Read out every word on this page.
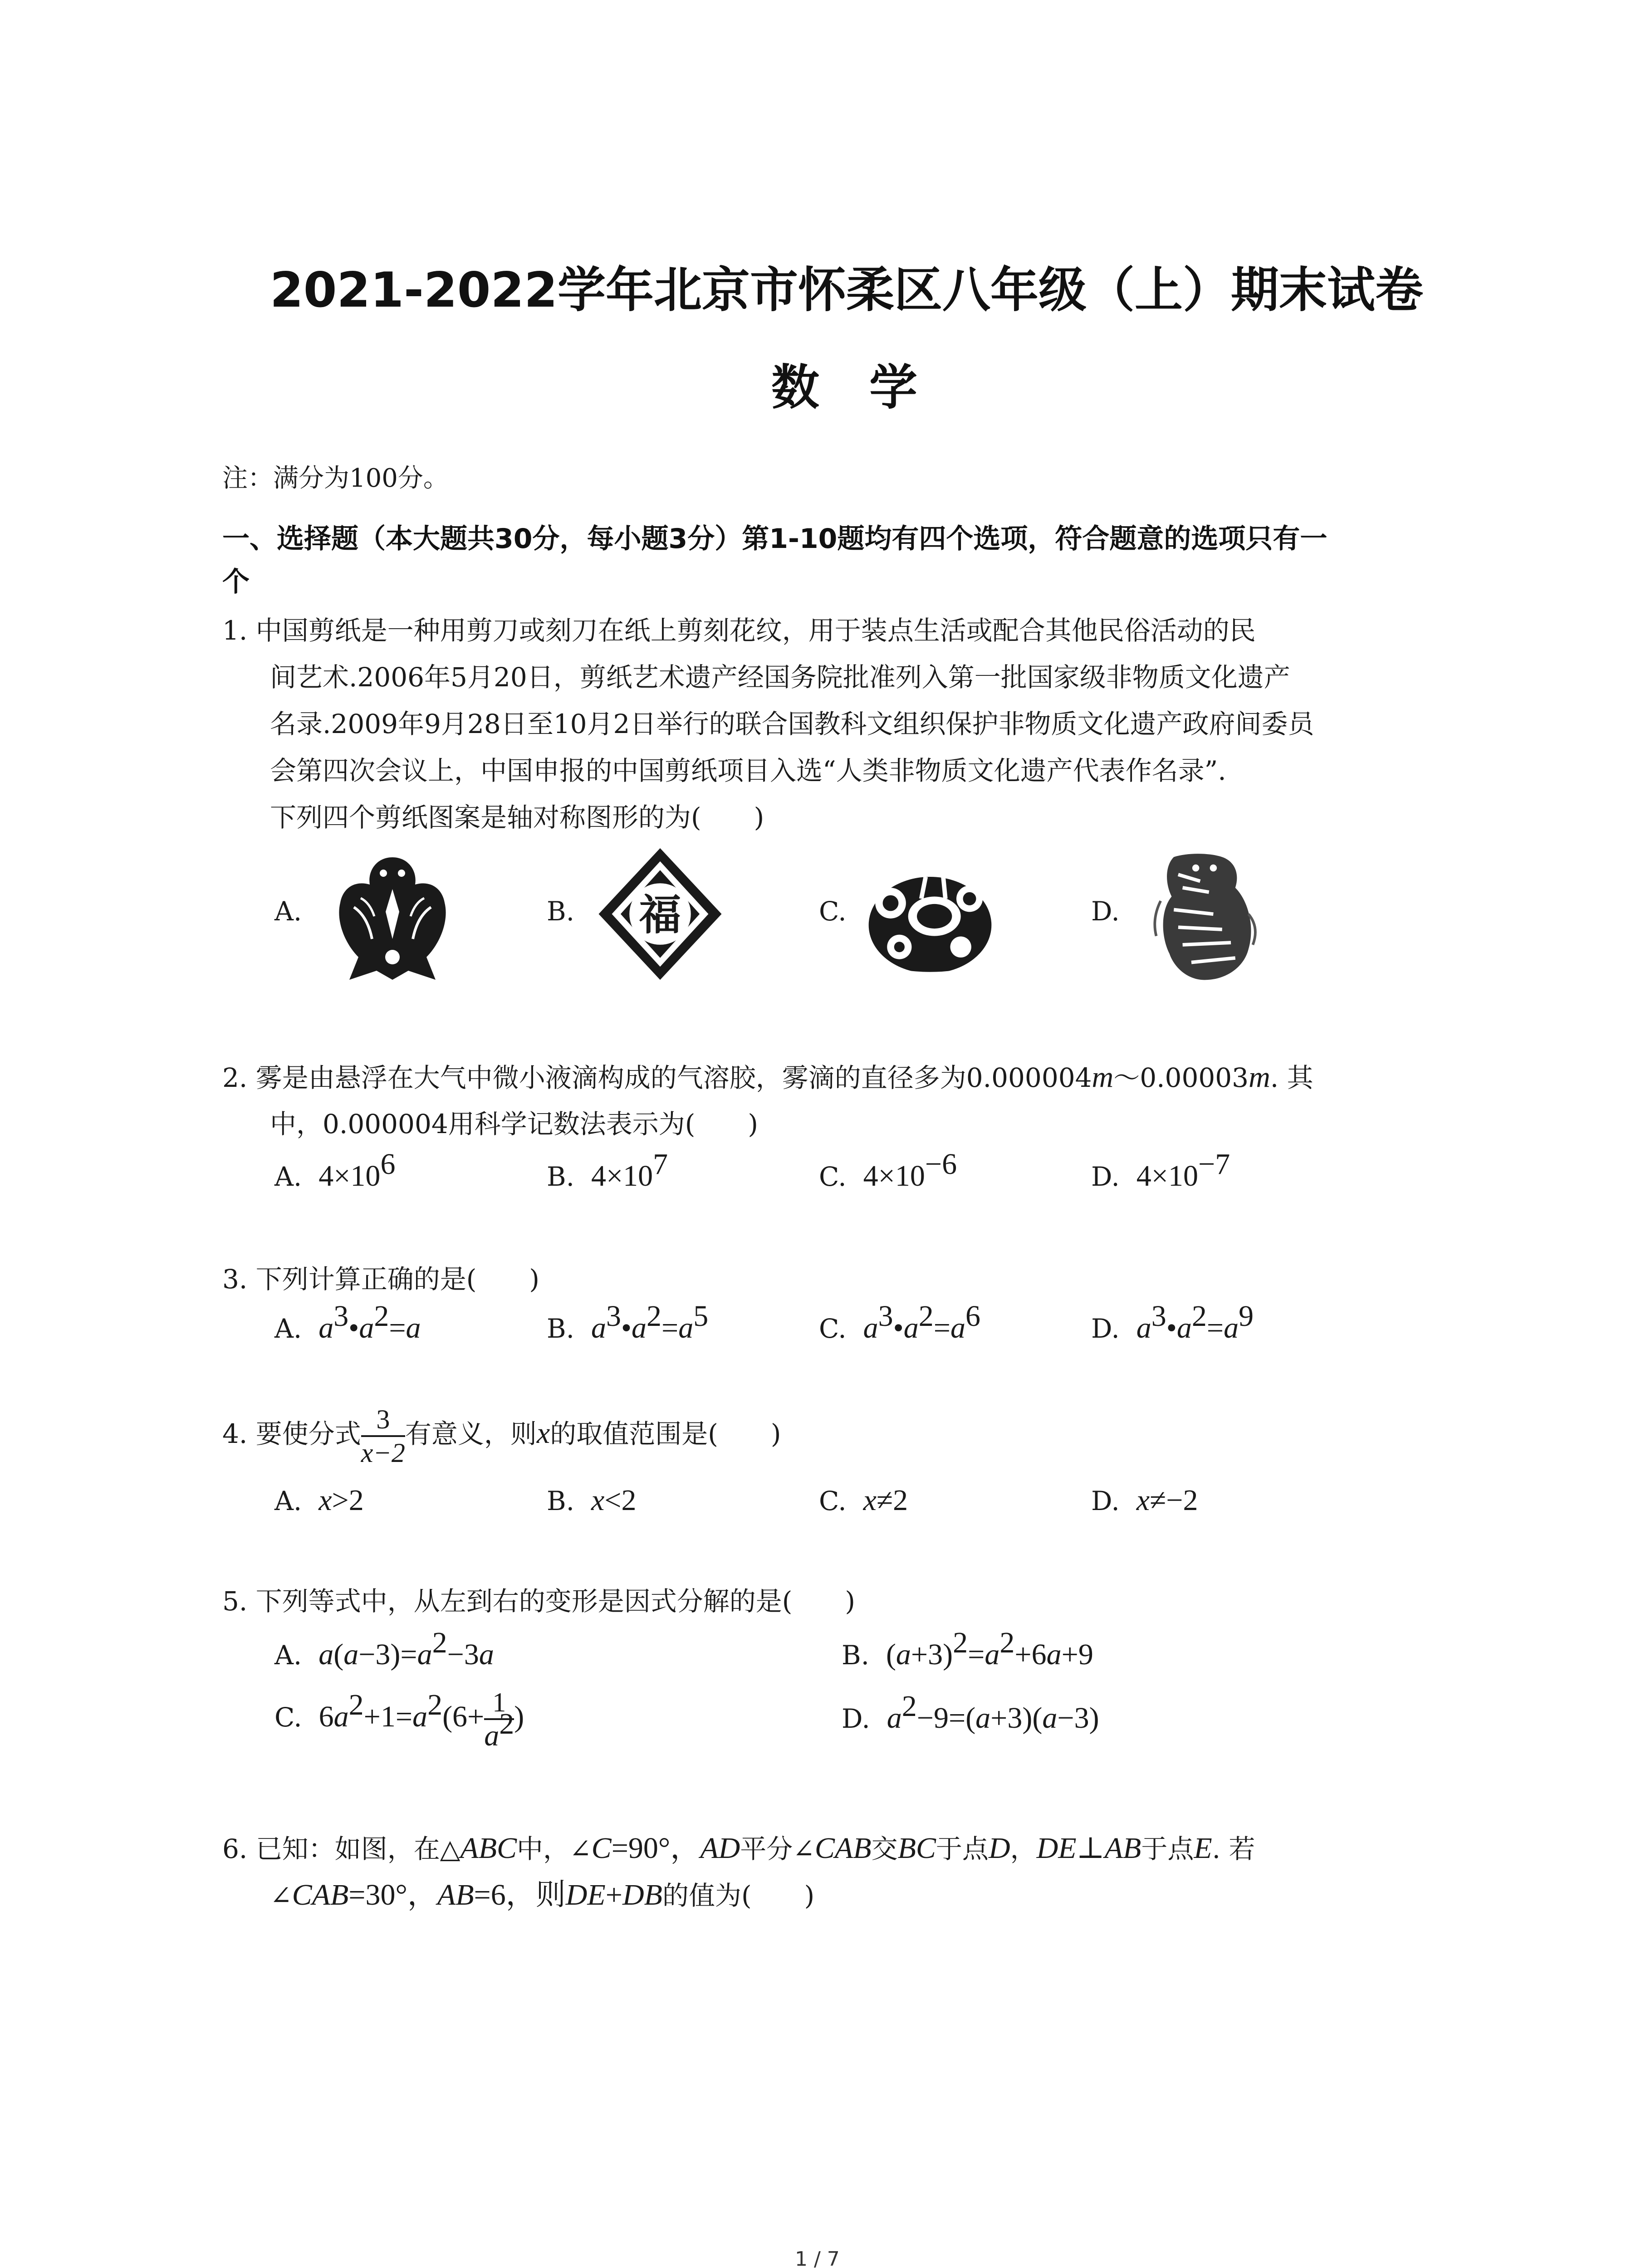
2021-2022学年北京市怀柔区八年级（上）期末试卷
数学
注：满分为100分。
一、选择题（本大题共30分，每小题3分）第1-10题均有四个选项，符合题意的选项只有一
个
1. 中国剪纸是一种用剪刀或刻刀在纸上剪刻花纹，用于装点生活或配合其他民俗活动的民
间艺术.2006年5月20日，剪纸艺术遗产经国务院批准列入第一批国家级非物质文化遗产
名录.2009年9月28日至10月2日举行的联合国教科文组织保护非物质文化遗产政府间委员
会第四次会议上，中国申报的中国剪纸项目入选“人类非物质文化遗产代表作名录”.
下列四个剪纸图案是轴对称图形的为(　　)
A.	B.	C.	D.
福
2. 雾是由悬浮在大气中微小液滴构成的气溶胶，雾滴的直径多为0.000004m～0.00003m. 其
中，0.000004用科学记数法表示为(　　)
A. $4\times 10^6$	B. $4\times 10^7$	C. $4\times 10^{-6}$	D. $4\times 10^{-7}$
3. 下列计算正确的是(　　)
A. $a^3•a^2=a$	B. $a^3•a^2=a^5$	C. $a^3•a^2=a^6$	D. $a^3•a^2=a^9$
4. 要使分式 $\frac{3}{x-2}$ 有意义，则x的取值范围是(　　)
A. x>2	B. x<2	C. x≠2	D. x≠−2
5. 下列等式中，从左到右的变形是因式分解的是(　　)
A. $a(a-3)=a^2-3a$	B. $(a+3)^2=a^2+6a+9$
C. $6a^2+1=a^2(6+ \frac{1}{a^2}$ )	D. $a^2-9=(a+3)(a-3)$
6. 已知：如图，在△ABC中，∠C=90°，AD平分∠CAB交BC于点D，DE⊥AB于点E. 若
∠CAB=30°，AB=6，则DE+DB的值为(　　)
1 / 7
